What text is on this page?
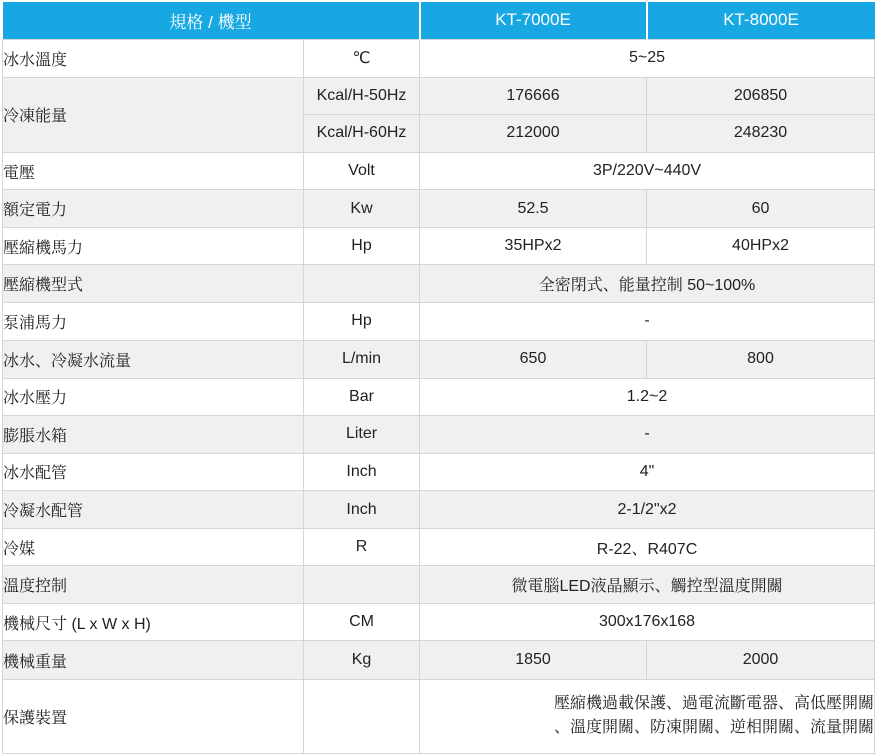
規格 / 機型		KT-7000E	KT-8000E
冰水溫度	℃	5~25	
冷凍能量	Kcal/H-50Hz	176666	206850
	Kcal/H-60Hz	212000	248230
電壓	Volt	3P/220V~440V	
額定電力	Kw	52.5	60
壓縮機馬力	Hp	35HPx2	40HPx2
壓縮機型式		全密閉式、能量控制 50~100%	
泵浦馬力	Hp	-	
冰水、冷凝水流量	L/min	650	800
冰水壓力	Bar	1.2~2	
膨脹水箱	Liter	-	
冰水配管	Inch	4"	
冷凝水配管	Inch	2-1/2"x2	
冷媒	R	R-22、R407C	
溫度控制		微電腦LED液晶顯示、觸控型溫度開關	
機械尺寸 (L x W x H)	CM	300x176x168	
機械重量	Kg	1850	2000
保護裝置		壓縮機過載保護、過電流斷電器、高低壓開關
、溫度開關、防凍開關、逆相開關、流量開關	
